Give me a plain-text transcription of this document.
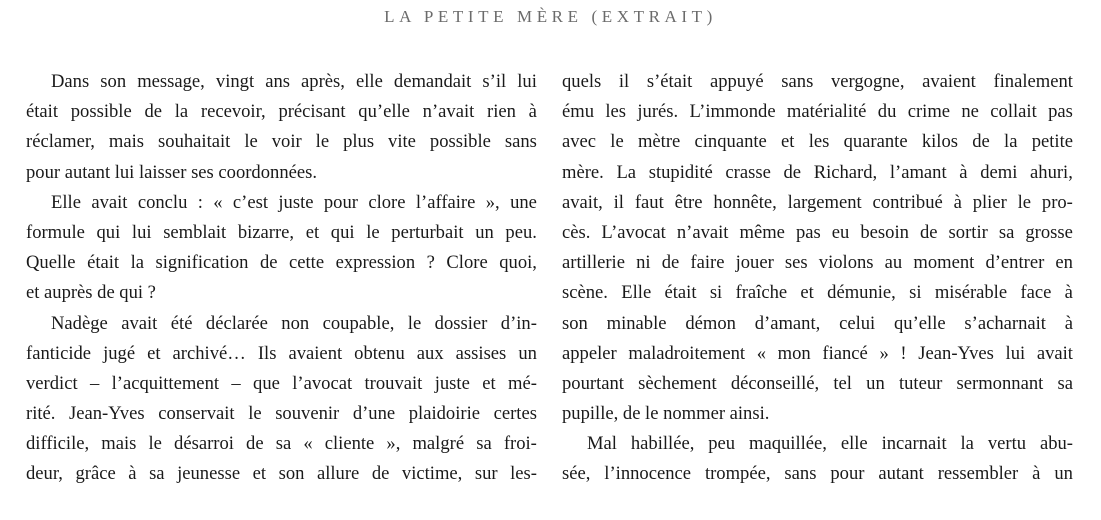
LA PETITE MÈRE (EXTRAIT)
Dans son message, vingt ans après, elle demandait s’il lui
était possible de la recevoir, précisant qu’elle n’avait rien à
réclamer, mais souhaitait le voir le plus vite possible sans
pour autant lui laisser ses coordonnées.
Elle avait conclu : « c’est juste pour clore l’affaire », une
formule qui lui semblait bizarre, et qui le perturbait un peu.
Quelle était la signification de cette expression ? Clore quoi,
et auprès de qui ?
Nadège avait été déclarée non coupable, le dossier d’in-
fanticide jugé et archivé… Ils avaient obtenu aux assises un
verdict – l’acquittement – que l’avocat trouvait juste et mé-
rité. Jean-Yves conservait le souvenir d’une plaidoirie certes
difficile, mais le désarroi de sa « cliente », malgré sa froi-
deur, grâce à sa jeunesse et son allure de victime, sur les-
quels il s’était appuyé sans vergogne, avaient finalement
ému les jurés. L’immonde matérialité du crime ne collait pas
avec le mètre cinquante et les quarante kilos de la petite
mère. La stupidité crasse de Richard, l’amant à demi ahuri,
avait, il faut être honnête, largement contribué à plier le pro-
cès. L’avocat n’avait même pas eu besoin de sortir sa grosse
artillerie ni de faire jouer ses violons au moment d’entrer en
scène. Elle était si fraîche et démunie, si misérable face à
son minable démon d’amant, celui qu’elle s’acharnait à
appeler maladroitement « mon fiancé » ! Jean-Yves lui avait
pourtant sèchement déconseillé, tel un tuteur sermonnant sa
pupille, de le nommer ainsi.
Mal habillée, peu maquillée, elle incarnait la vertu abu-
sée, l’innocence trompée, sans pour autant ressembler à un
